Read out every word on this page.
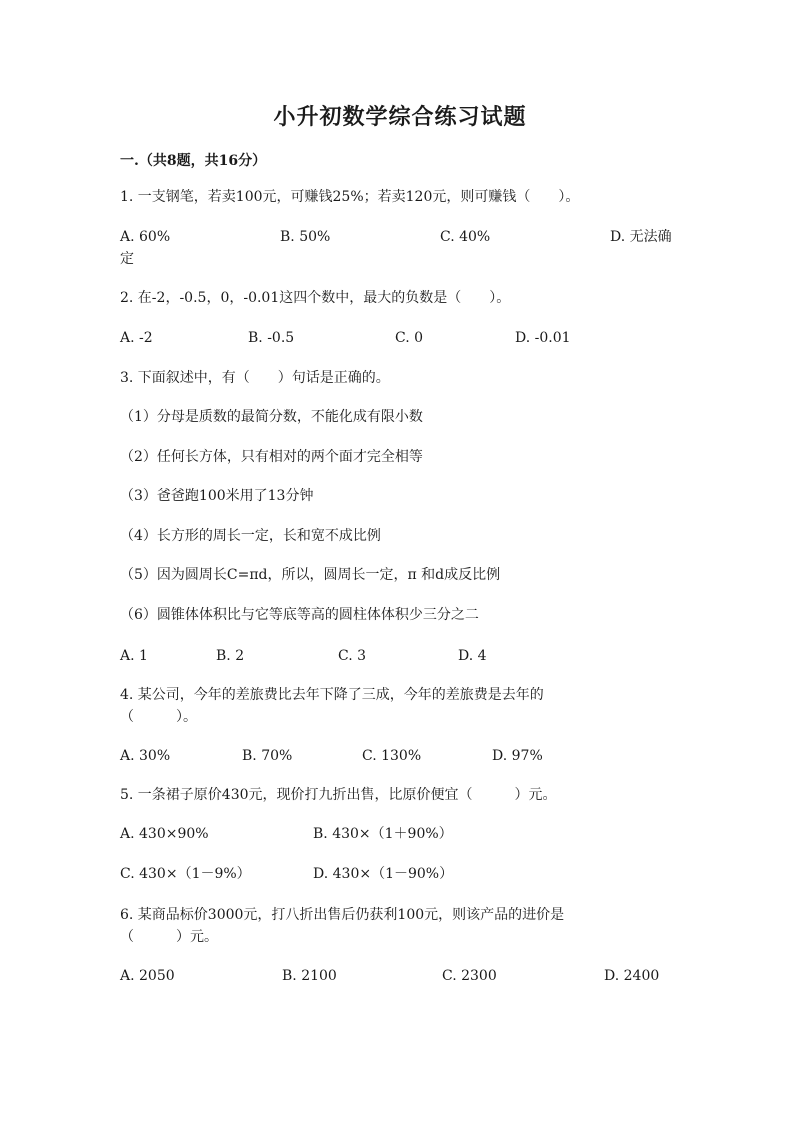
小升初数学综合练习试题
一.（共8题，共16分）
1. 一支钢笔，若卖100元，可赚钱25%；若卖120元，则可赚钱（　　）。
A. 60%	B. 50%	C. 40%	D. 无法确
定
2. 在-2，-0.5，0，-0.01这四个数中，最大的负数是（　　）。
A. -2	B. -0.5	C. 0	D. -0.01
3. 下面叙述中，有（　　）句话是正确的。
（1）分母是质数的最简分数，不能化成有限小数
（2）任何长方体，只有相对的两个面才完全相等
（3）爸爸跑100米用了13分钟
（4）长方形的周长一定，长和宽不成比例
（5）因为圆周长C=πd，所以，圆周长一定，π 和d成反比例
（6）圆锥体体积比与它等底等高的圆柱体体积少三分之二
A. 1	B. 2	C. 3	D. 4
4. 某公司，今年的差旅费比去年下降了三成，今年的差旅费是去年的
（　　　）。
A. 30%	B. 70%	C. 130%	D. 97%
5. 一条裙子原价430元，现价打九折出售，比原价便宜（　　　）元。
A. 430×90%	B. 430×（1＋90%）
C. 430×（1－9%）	D. 430×（1－90%）
6. 某商品标价3000元，打八折出售后仍获利100元，则该产品的进价是
（　　　）元。
A. 2050	B. 2100	C. 2300	D. 2400
